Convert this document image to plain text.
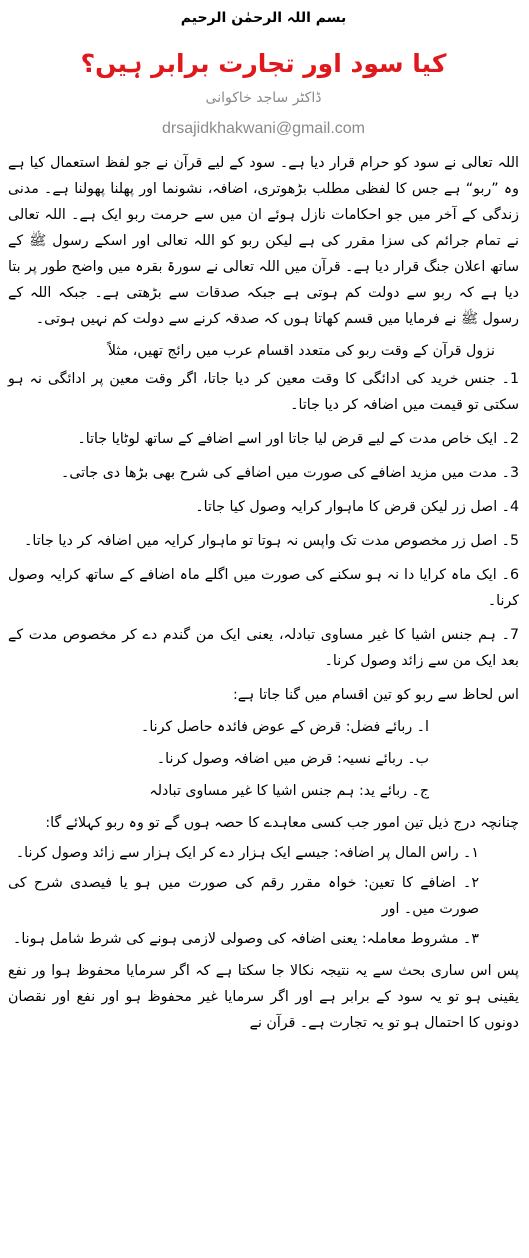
بسم اللہ الرحمٰن الرحیم
کیا سود اور تجارت برابر ہیں؟
ڈاکٹر ساجد خاکوانی
drsajidkhakwani@gmail.com

اللہ تعالی نے سود کو حرام قرار دیا ہے۔ سود کے لیے قرآن نے جو لفظ استعمال کیا ہے وہ ”ربو“ ہے جس کا لفظی مطلب بڑھوتری، اضافہ، نشونما اور پھلنا پھولنا ہے۔ مدنی زندگی کے آخر میں جو احکامات نازل ہوئے ان میں سے حرمت ربو ایک ہے۔ اللہ تعالی نے تمام جرائم کی سزا مقرر کی ہے لیکن ربو کو اللہ تعالی اور اسکے رسول ﷺ کے ساتھ اعلان جنگ قرار دیا ہے۔ قرآن میں اللہ تعالی نے سورۃ بقرہ میں واضح طور پر بتا دیا ہے کہ ربو سے دولت کم ہوتی ہے جبکہ صدقات سے بڑھتی ہے۔ جبکہ اللہ کے رسول ﷺ نے فرمایا میں قسم کھاتا ہوں کہ صدقہ کرنے سے دولت کم نہیں ہوتی۔

نزول قرآن کے وقت ربو کی متعدد اقسام عرب میں رائج تھیں، مثلاً

1۔ جنس خرید کی ادائگی کا وقت معین کر دیا جاتا، اگر وقت معین پر ادائگی نہ ہو سکتی تو قیمت میں اضافہ کر دیا جاتا۔

2۔ ایک خاص مدت کے لیے قرض لیا جاتا اور اسے اضافے کے ساتھ لوٹایا جاتا۔

3۔ مدت میں مزید اضافے کی صورت میں اضافے کی شرح بھی بڑھا دی جاتی۔

4۔ اصل زر لیکن قرض کا ماہوار کرایہ وصول کیا جاتا۔

5۔ اصل زر مخصوص مدت تک واپس نہ ہوتا تو ماہوار کرایہ میں اضافہ کر دیا جاتا۔

6۔ ایک ماہ کرایا دا نہ ہو سکنے کی صورت میں اگلے ماہ اضافے کے ساتھ کرایہ وصول کرنا۔

7۔ ہم جنس اشیا کا غیر مساوی تبادلہ، یعنی ایک من گندم دے کر مخصوص مدت کے بعد ایک من سے زائد وصول کرنا۔

اس لحاظ سے ربو کو تین اقسام میں گنا جاتا ہے:

ا۔ ربائے فضل: قرض کے عوض فائدہ حاصل کرنا۔

ب۔ ربائے نسیہ: قرض میں اضافہ وصول کرنا۔

ج۔ ربائے ید: ہم جنس اشیا کا غیر مساوی تبادلہ

چنانچہ درج ذیل تین امور جب کسی معاہدے کا حصہ ہوں گے تو وہ ربو کہلائے گا:

۱۔ راس المال پر اضافہ: جیسے ایک ہزار دے کر ایک ہزار سے زائد وصول کرنا۔

۲۔ اضافے کا تعین: خواہ مقرر رقم کی صورت میں ہو یا فیصدی شرح کی صورت میں۔ اور

۳۔ مشروط معاملہ: یعنی اضافہ کی وصولی لازمی ہونے کی شرط شامل ہونا۔

پس اس ساری بحث سے یہ نتیجہ نکالا جا سکتا ہے کہ اگر سرمایا محفوظ ہوا ور نفع یقینی ہو تو یہ سود کے برابر ہے اور اگر سرمایا غیر محفوظ ہو اور نفع اور نقصان دونوں کا احتمال ہو تو یہ تجارت ہے۔ قرآن نے
